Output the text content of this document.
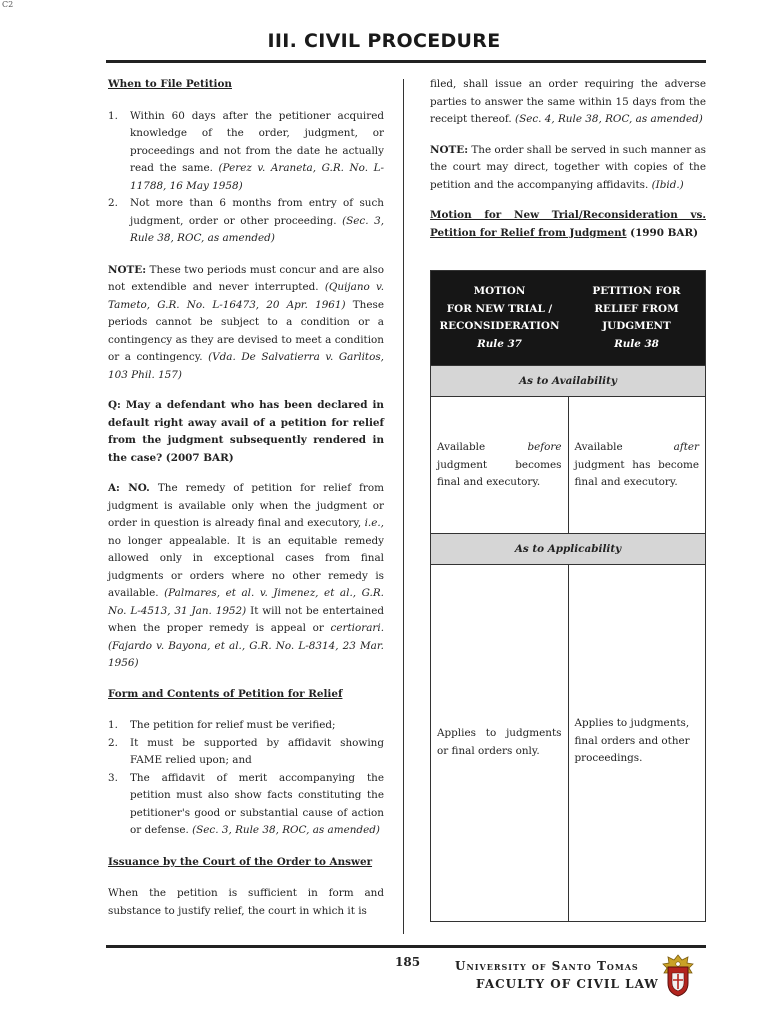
C2
III. CIVIL PROCEDURE
When to File Petition
1. Within 60 days after the petitioner acquired knowledge of the order, judgment, or proceedings and not from the date he actually read the same. (Perez v. Araneta, G.R. No. L-11788, 16 May 1958)
2. Not more than 6 months from entry of such judgment, order or other proceeding. (Sec. 3, Rule 38, ROC, as amended)
NOTE: These two periods must concur and are also not extendible and never interrupted. (Quijano v. Tameto, G.R. No. L-16473, 20 Apr. 1961) These periods cannot be subject to a condition or a contingency as they are devised to meet a condition or a contingency. (Vda. De Salvatierra v. Garlitos, 103 Phil. 157)
Q: May a defendant who has been declared in default right away avail of a petition for relief from the judgment subsequently rendered in the case? (2007 BAR)
A: NO. The remedy of petition for relief from judgment is available only when the judgment or order in question is already final and executory, i.e., no longer appealable. It is an equitable remedy allowed only in exceptional cases from final judgments or orders where no other remedy is available. (Palmares, et al. v. Jimenez, et al., G.R. No. L-4513, 31 Jan. 1952) It will not be entertained when the proper remedy is appeal or certiorari. (Fajardo v. Bayona, et al., G.R. No. L-8314, 23 Mar. 1956)
Form and Contents of Petition for Relief
1. The petition for relief must be verified;
2. It must be supported by affidavit showing FAME relied upon; and
3. The affidavit of merit accompanying the petition must also show facts constituting the petitioner's good or substantial cause of action or defense. (Sec. 3, Rule 38, ROC, as amended)
Issuance by the Court of the Order to Answer
When the petition is sufficient in form and substance to justify relief, the court in which it is
filed, shall issue an order requiring the adverse parties to answer the same within 15 days from the receipt thereof. (Sec. 4, Rule 38, ROC, as amended)
NOTE: The order shall be served in such manner as the court may direct, together with copies of the petition and the accompanying affidavits. (Ibid.)
Motion for New Trial/Reconsideration vs. Petition for Relief from Judgment (1990 BAR)
MOTION
FOR NEW TRIAL /
RECONSIDERATION
Rule 37
PETITION FOR
RELIEF FROM
JUDGMENT
Rule 38
As to Availability
Available before judgment becomes final and executory.
Available after judgment has become final and executory.
As to Applicability
Applies to judgments or final orders only.
Applies to judgments, final orders and other proceedings.
185	University of Santo Tomas
FACULTY OF CIVIL LAW
